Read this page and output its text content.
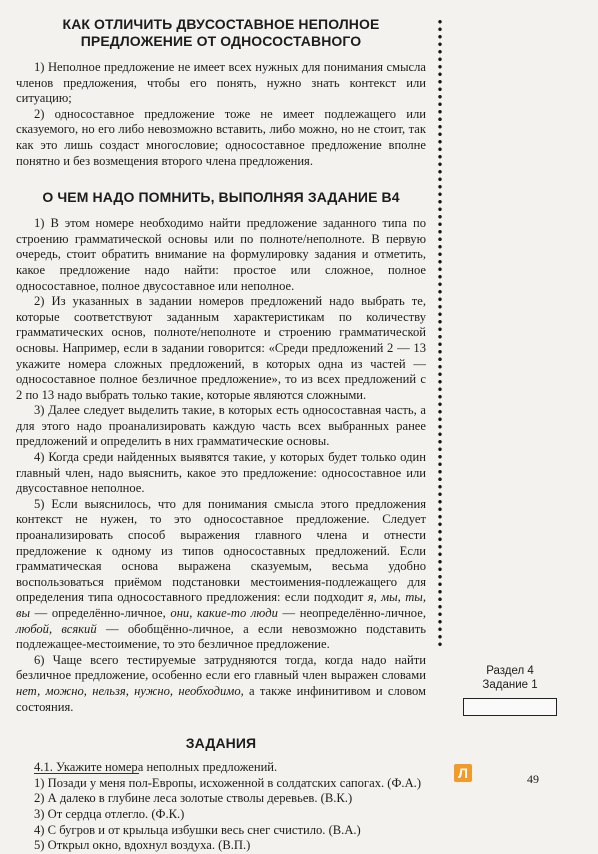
КАК ОТЛИЧИТЬ ДВУСОСТАВНОЕ НЕПОЛНОЕ ПРЕДЛОЖЕНИЕ ОТ ОДНОСОСТАВНОГО

1) Неполное предложение не имеет всех нужных для понимания смысла членов предложения, чтобы его понять, нужно знать контекст или ситуацию;

2) односоставное предложение тоже не имеет подлежащего или сказуемого, но его либо невозможно вставить, либо можно, но не стоит, так как это лишь создаст многословие; односоставное предложение вполне понятно и без возмещения второго члена предложения.

О ЧЕМ НАДО ПОМНИТЬ, ВЫПОЛНЯЯ ЗАДАНИЕ В4

1) В этом номере необходимо найти предложение заданного типа по строению грамматической основы или по полноте/неполноте. В первую очередь, стоит обратить внимание на формулировку задания и отметить, какое предложение надо найти: простое или сложное, полное односоставное, полное двусоставное или неполное.

2) Из указанных в задании номеров предложений надо выбрать те, которые соответствуют заданным характеристикам по количеству грамматических основ, полноте/неполноте и строению грамматической основы. Например, если в задании говорится: «Среди предложений 2 — 13 укажите номера сложных предложений, в которых одна из частей — односоставное полное безличное предложение», то из всех предложений с 2 по 13 надо выбрать только такие, которые являются сложными.

3) Далее следует выделить такие, в которых есть односоставная часть, а для этого надо проанализировать каждую часть всех выбранных ранее предложений и определить в них грамматические основы.

4) Когда среди найденных выявятся такие, у которых будет только один главный член, надо выяснить, какое это предложение: односоставное или двусоставное неполное.

5) Если выяснилось, что для понимания смысла этого предложения контекст не нужен, то это односоставное предложение. Следует проанализировать способ выражения главного члена и отнести предложение к одному из типов односоставных предложений. Если грамматическая основа выражена сказуемым, весьма удобно воспользоваться приёмом подстановки местоимения-подлежащего для определения типа односоставного предложения: если подходит я, мы, ты, вы — определённо-личное, они, какие-то люди — неопределённо-личное, любой, всякий — обобщённо-личное, а если невозможно подставить подлежащее-местоимение, то это безличное предложение.

6) Чаще всего тестируемые затрудняются тогда, когда надо найти безличное предложение, особенно если его главный член выражен словами нет, можно, нельзя, нужно, необходимо, а также инфинитивом и словом состояния.

ЗАДАНИЯ

4.1. Укажите номера неполных предложений.

1) Позади у меня пол-Европы, исхоженной в солдатских сапогах. (Ф.А.)
2) А далеко в глубине леса золотые стволы деревьев. (В.К.)
3) От сердца отлегло. (Ф.К.)
4) С бугров и от крыльца избушки весь снег счистило. (В.А.)
5) Открыл окно, вдохнул воздуха. (В.П.)
Раздел 4
Задание 1
Л	49
